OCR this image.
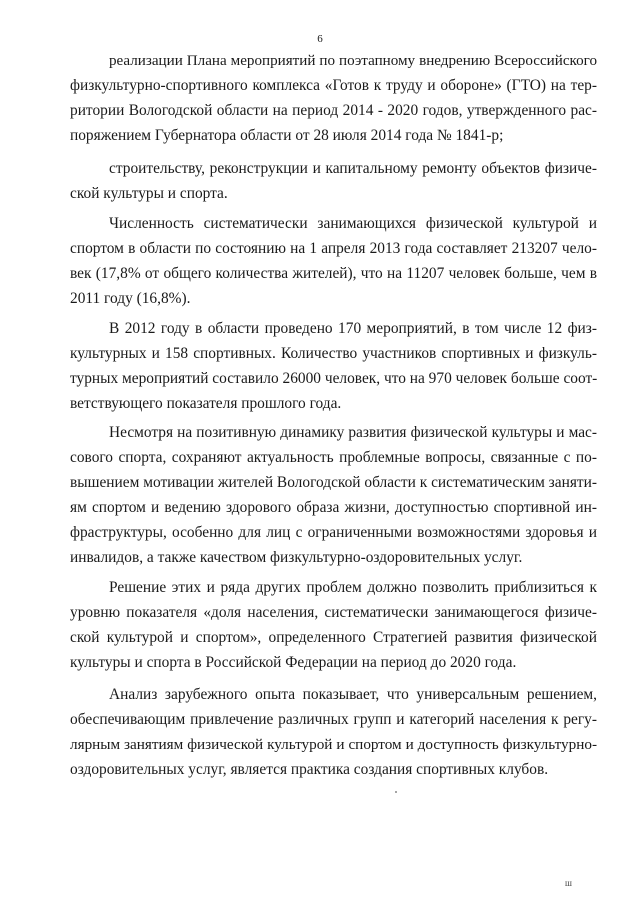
6
реализации Плана мероприятий по поэтапному внедрению Всероссийского
физкультурно-спортивного комплекса «Готов к труду и обороне» (ГТО) на тер-
ритории Вологодской области на период 2014 - 2020 годов, утвержденного рас-
поряжением Губернатора области от 28 июля 2014 года № 1841-р;
строительству, реконструкции и капитальному ремонту объектов физиче-
ской культуры и спорта.
Численность систематически занимающихся физической культурой и
спортом в области по состоянию на 1 апреля 2013 года составляет 213207 чело-
век (17,8% от общего количества жителей), что на 11207 человек больше, чем в
2011 году (16,8%).
В 2012 году в области проведено 170 мероприятий, в том числе 12 физ-
культурных и 158 спортивных. Количество участников спортивных и физкуль-
турных мероприятий составило 26000 человек, что на 970 человек больше соот-
ветствующего показателя прошлого года.
Несмотря на позитивную динамику развития физической культуры и мас-
сового спорта, сохраняют актуальность проблемные вопросы, связанные с по-
вышением мотивации жителей Вологодской области к систематическим заняти-
ям спортом и ведению здорового образа жизни, доступностью спортивной ин-
фраструктуры, особенно для лиц с ограниченными возможностями здоровья и
инвалидов, а также качеством физкультурно-оздоровительных услуг.
Решение этих и ряда других проблем должно позволить приблизиться к
уровню показателя «доля населения, систематически занимающегося физиче-
ской культурой и спортом», определенного Стратегией развития физической
культуры и спорта в Российской Федерации на период до 2020 года.
Анализ зарубежного опыта показывает, что универсальным решением,
обеспечивающим привлечение различных групп и категорий населения к регу-
лярным занятиям физической культурой и спортом и доступность физкультурно-
оздоровительных услуг, является практика создания спортивных клубов.
ш
